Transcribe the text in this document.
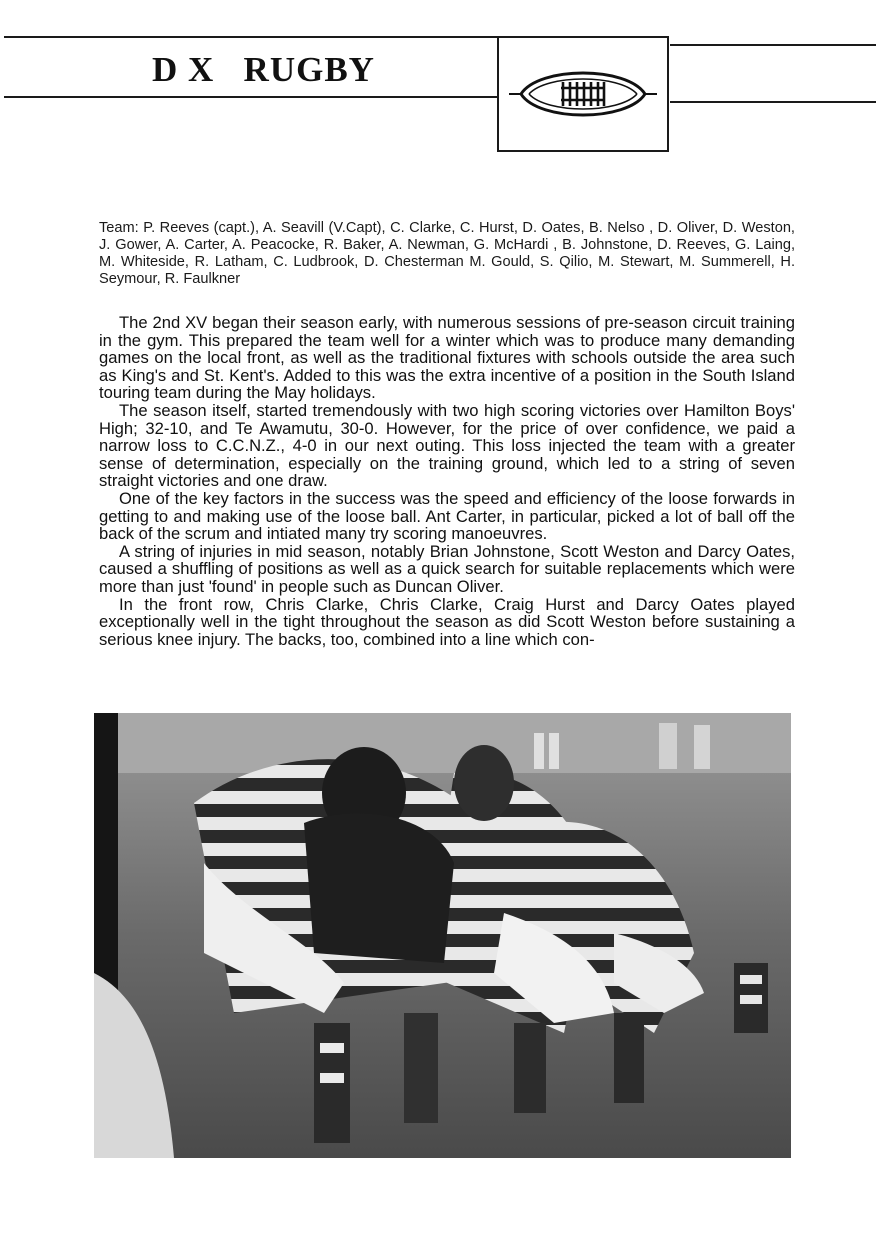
D X   RUGBY

Team: P. Reeves (capt.), A. Seavill (V.Capt), C. Clarke, C. Hurst, D. Oates, B. Nelso , D. Oliver, D. Weston, J. Gower, A. Carter, A. Peacocke, R. Baker, A. Newman, G. McHardi , B. Johnstone, D. Reeves, G. Laing, M. Whiteside, R. Latham, C. Ludbrook, D. Chesterman M. Gould, S. Qilio, M. Stewart, M. Summerell, H. Seymour, R. Faulkner

The 2nd XV began their season early, with numerous sessions of pre-season circuit training in the gym. This prepared the team well for a winter which was to produce many demanding games on the local front, as well as the traditional fixtures with schools outside the area such as King's and St. Kent's. Added to this was the extra incentive of a position in the South Island touring team during the May holidays.

The season itself, started tremendously with two high scoring victories over Hamilton Boys' High; 32-10, and Te Awamutu, 30-0. However, for the price of over confidence, we paid a narrow loss to C.C.N.Z., 4-0 in our next outing. This loss injected the team with a greater sense of determination, especially on the training ground, which led to a string of seven straight victories and one draw.

One of the key factors in the success was the speed and efficiency of the loose forwards in getting to and making use of the loose ball. Ant Carter, in particular, picked a lot of ball off the back of the scrum and intiated many try scoring manoeuvres.

A string of injuries in mid season, notably Brian Johnstone, Scott Weston and Darcy Oates, caused a shuffling of positions as well as a quick search for suitable replacements which were more than just 'found' in people such as Duncan Oliver.

In the front row, Chris Clarke, Chris Clarke, Craig Hurst and Darcy Oates played exceptionally well in the tight throughout the season as did Scott Weston before sustaining a serious knee injury. The backs, too, combined into a line which con-
